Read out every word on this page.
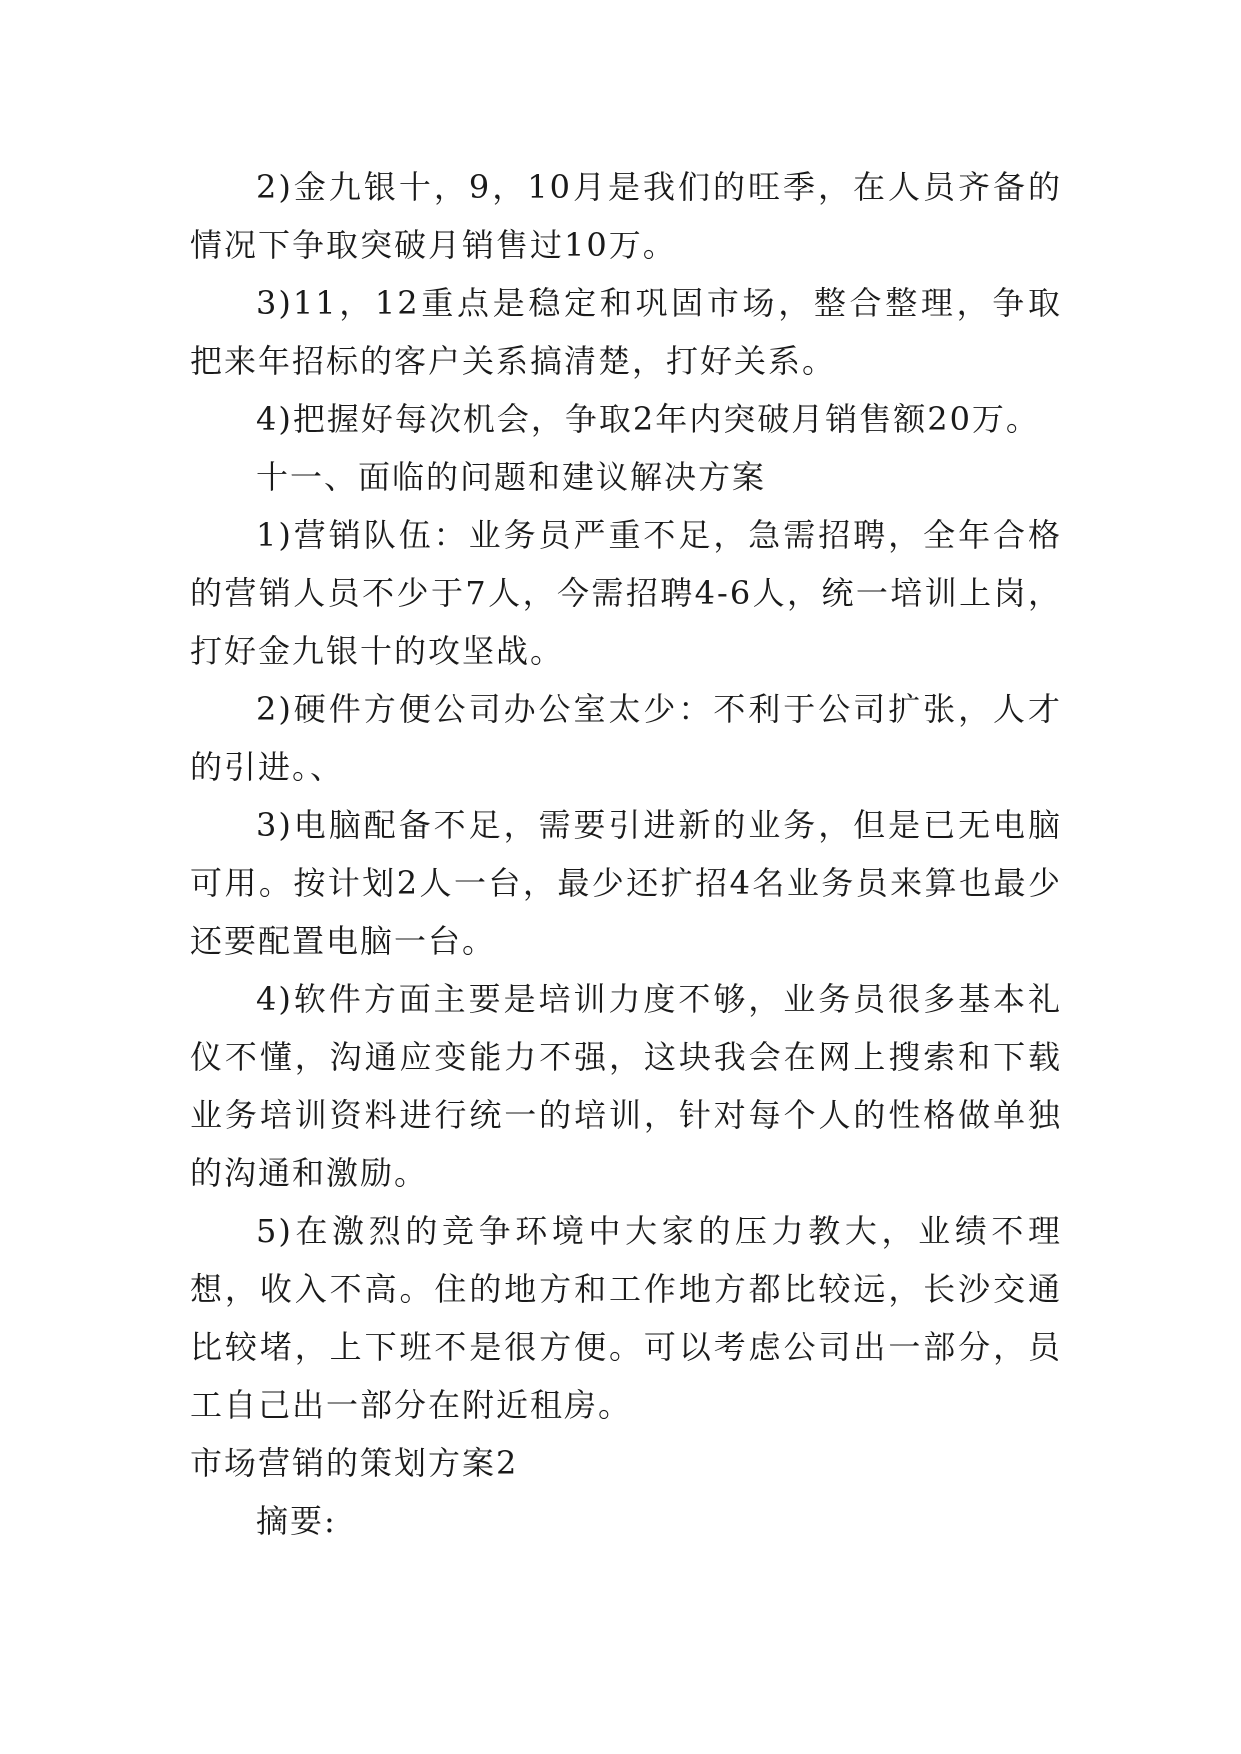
2)金九银十，9，10月是我们的旺季，在人员齐备的情况下争取突破月销售过10万。

3)11，12重点是稳定和巩固市场，整合整理，争取把来年招标的客户关系搞清楚，打好关系。

4)把握好每次机会，争取2年内突破月销售额20万。

十一、面临的问题和建议解决方案

1)营销队伍：业务员严重不足，急需招聘，全年合格的营销人员不少于7人，今需招聘4-6人，统一培训上岗，打好金九银十的攻坚战。

2)硬件方便公司办公室太少：不利于公司扩张，人才的引进。、

3)电脑配备不足，需要引进新的业务，但是已无电脑可用。按计划2人一台，最少还扩招4名业务员来算也最少还要配置电脑一台。

4)软件方面主要是培训力度不够，业务员很多基本礼仪不懂，沟通应变能力不强，这块我会在网上搜索和下载业务培训资料进行统一的培训，针对每个人的性格做单独的沟通和激励。

5)在激烈的竞争环境中大家的压力教大，业绩不理想，收入不高。住的地方和工作地方都比较远，长沙交通比较堵，上下班不是很方便。可以考虑公司出一部分，员工自己出一部分在附近租房。

市场营销的策划方案2

摘要:
